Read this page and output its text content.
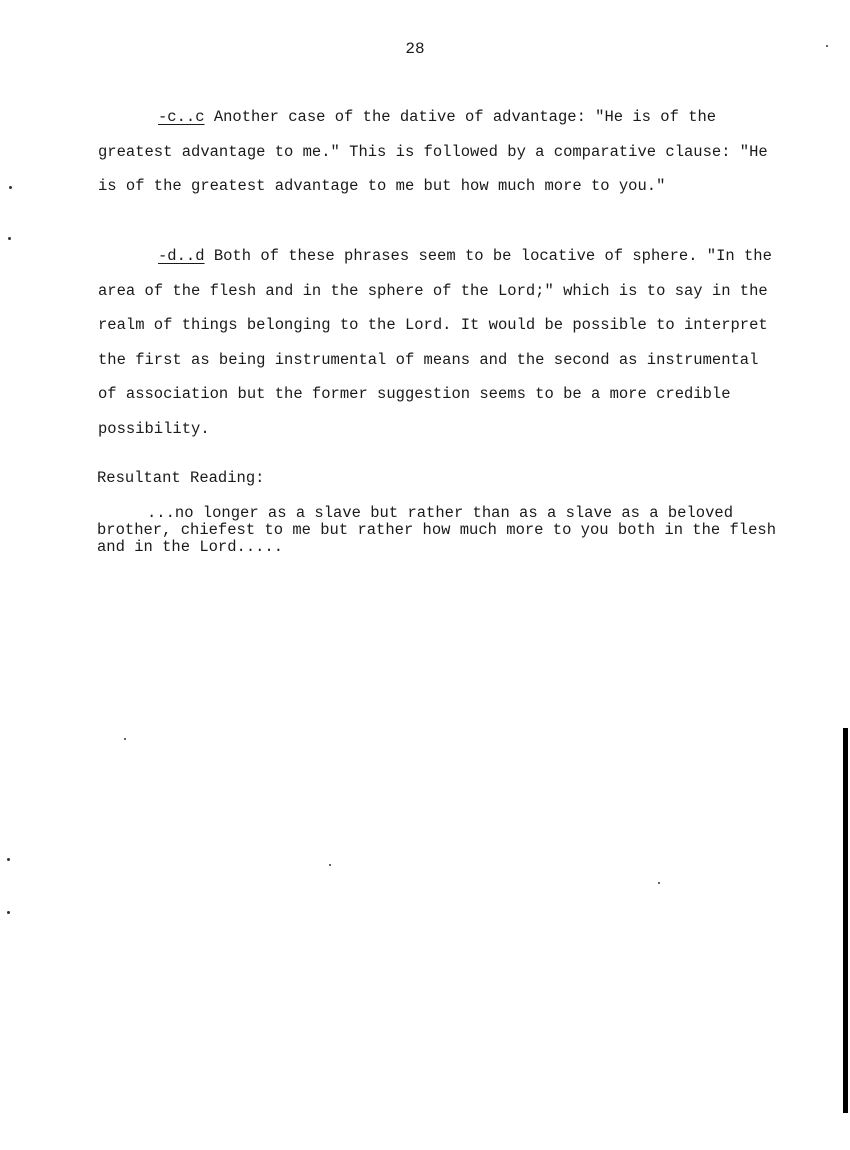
28

-c..c Another case of the dative of advantage: "He is of the greatest advantage to me." This is followed by a comparative clause: "He is of the greatest advantage to me but how much more to you."

-d..d Both of these phrases seem to be locative of sphere. "In the area of the flesh and in the sphere of the Lord;" which is to say in the realm of things belonging to the Lord. It would be possible to interpret the first as being instrumental of means and the second as instrumental of association but the former suggestion seems to be a more credible possibility.

Resultant Reading:

...no longer as a slave but rather than as a slave as a beloved brother, chiefest to me but rather how much more to you both in the flesh and in the Lord.....
